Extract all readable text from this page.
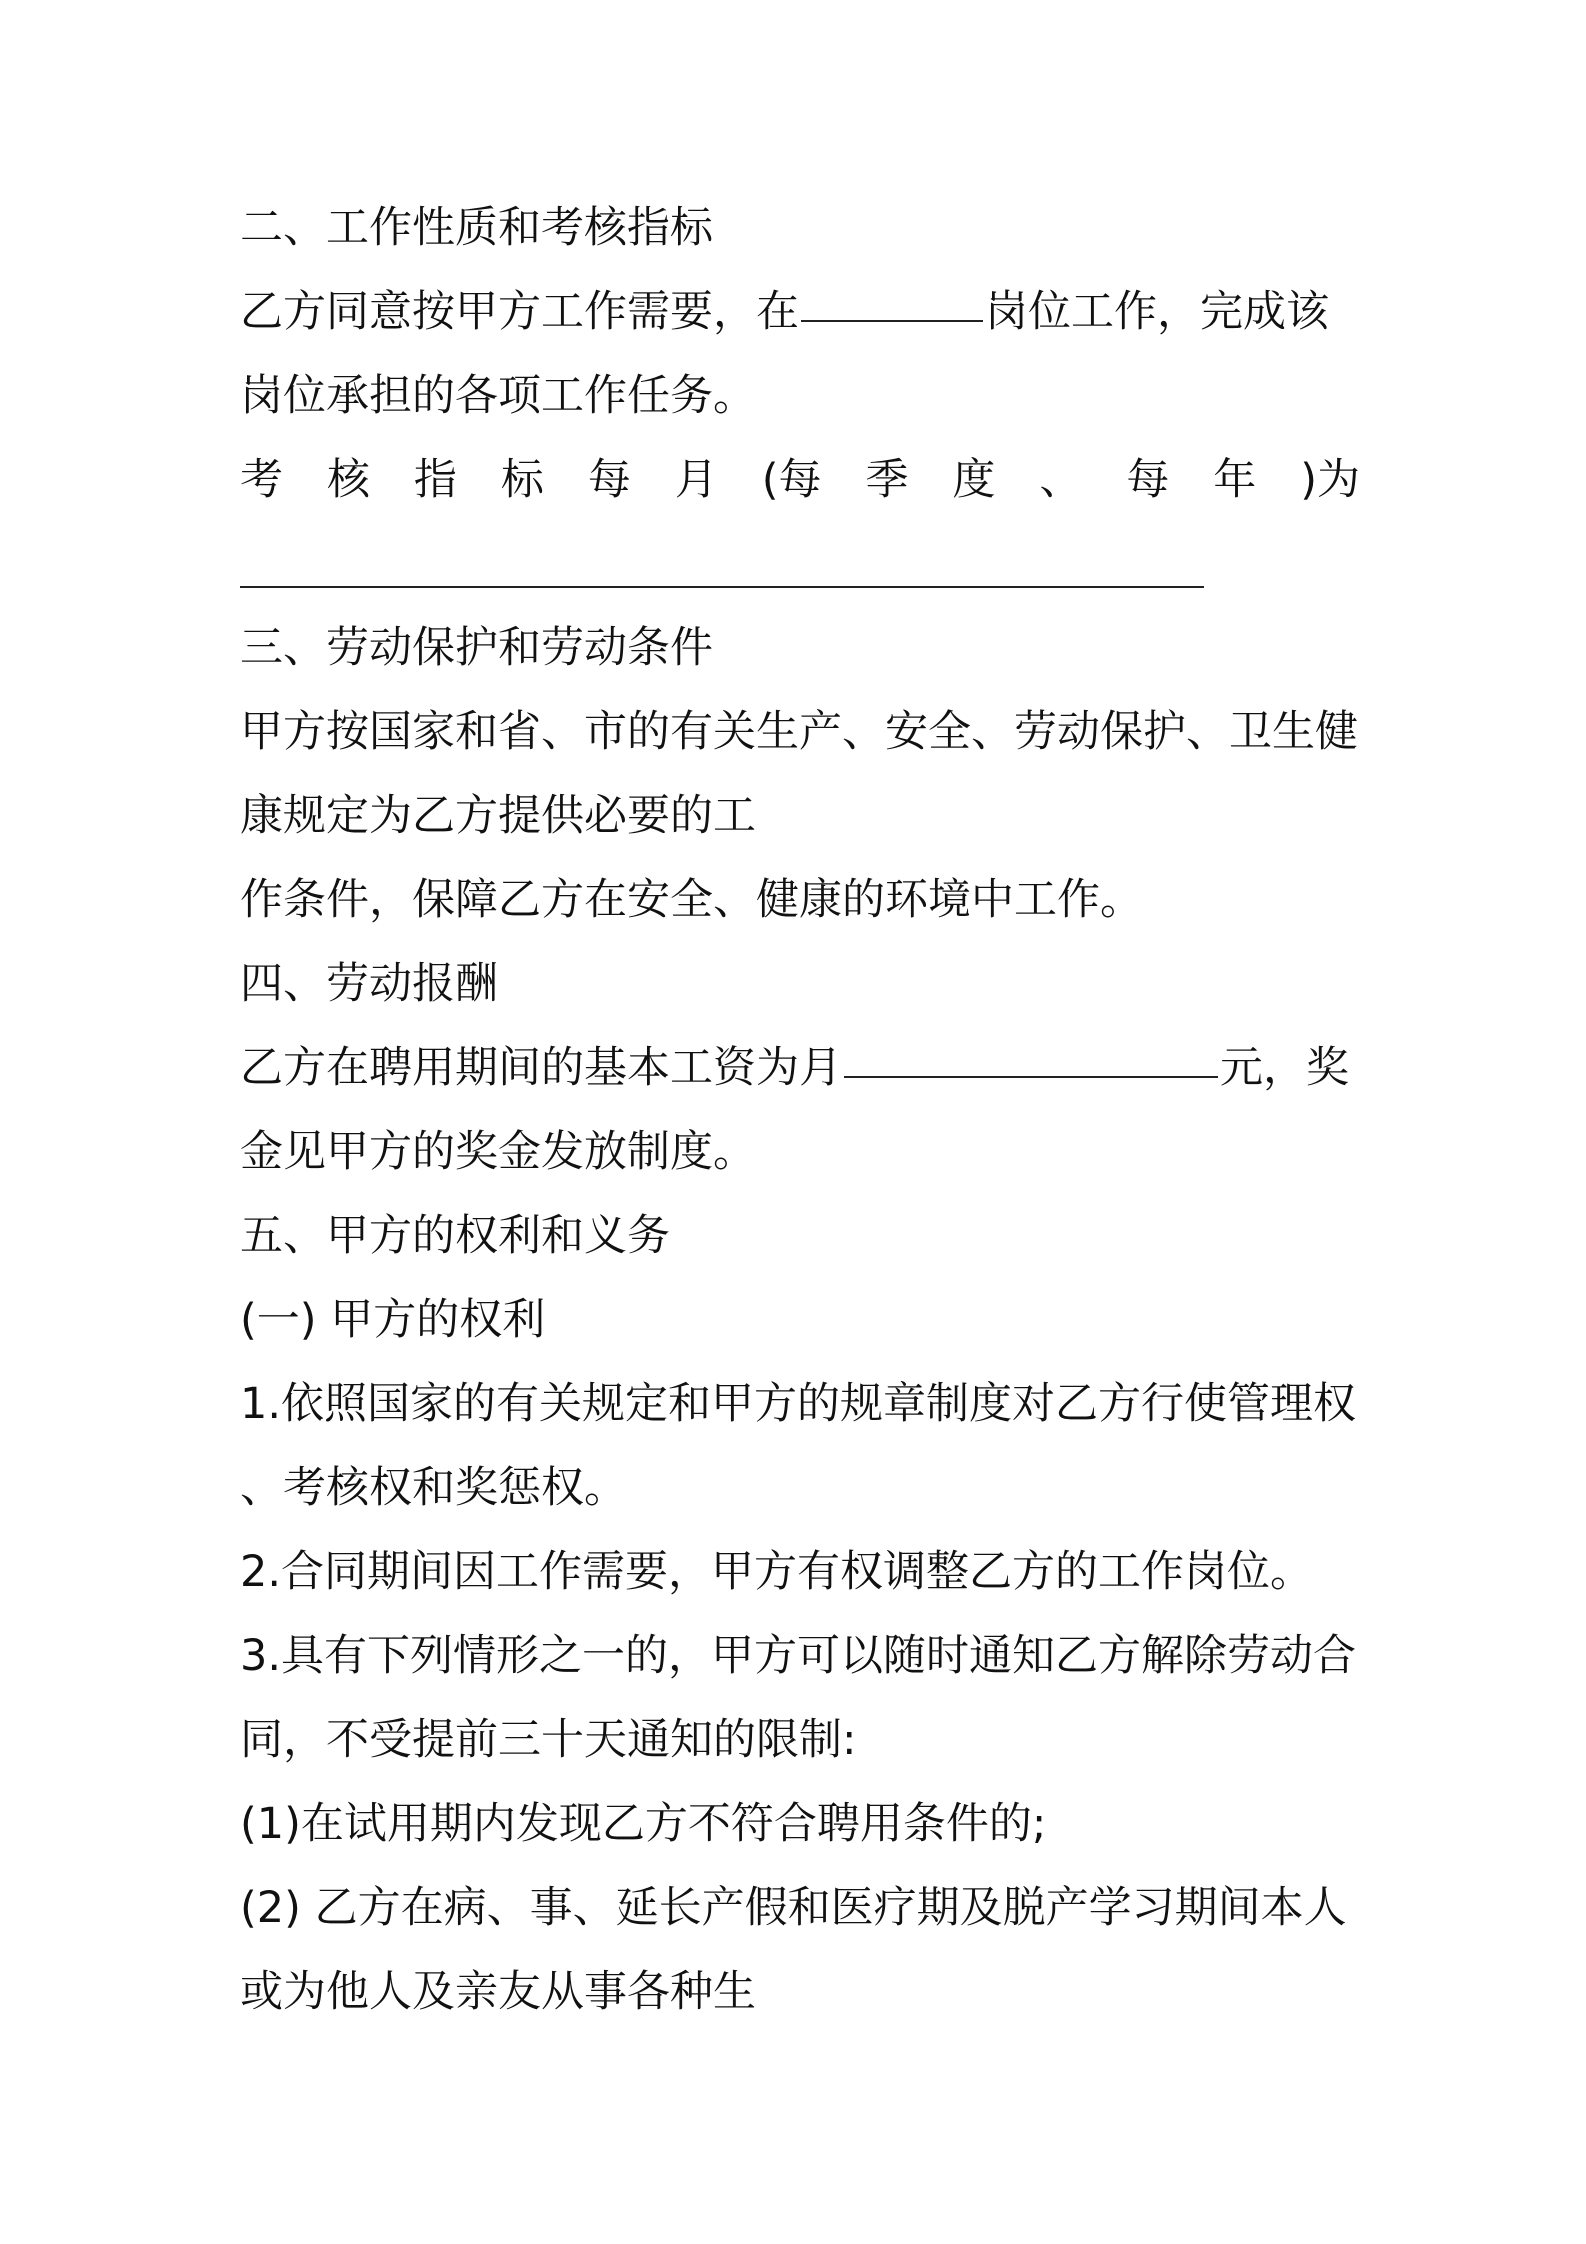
二、工作性质和考核指标
乙方同意按甲方工作需要，在	岗位工作，完成该
岗位承担的各项工作任务。
考 核 指 标 每 月 (每 季 度 、 每 年 )为
三、劳动保护和劳动条件
甲方按国家和省、市的有关生产、安全、劳动保护、卫生健
康规定为乙方提供必要的工
作条件，保障乙方在安全、健康的环境中工作。
四、劳动报酬
乙方在聘用期间的基本工资为月	元，奖
金见甲方的奖金发放制度。
五、甲方的权利和义务
(一) 甲方的权利
1.依照国家的有关规定和甲方的规章制度对乙方行使管理权
、考核权和奖惩权。
2.合同期间因工作需要，甲方有权调整乙方的工作岗位。
3.具有下列情形之一的，甲方可以随时通知乙方解除劳动合
同，不受提前三十天通知的限制:
(1)在试用期内发现乙方不符合聘用条件的;
(2) 乙方在病、事、延长产假和医疗期及脱产学习期间本人
或为他人及亲友从事各种生
